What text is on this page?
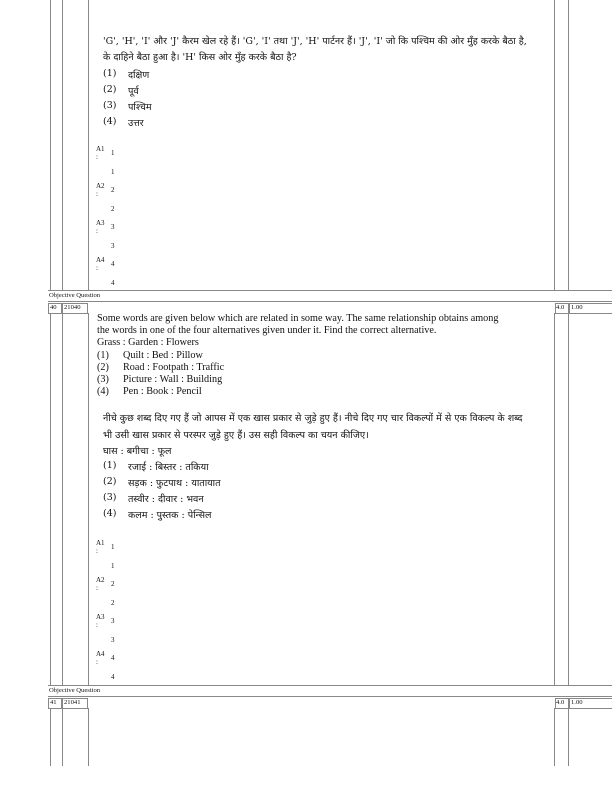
'G', 'H', 'I' और 'J' कैरम खेल रहे हैं। 'G', 'I' तथा 'J', 'H' पार्टनर हैं। 'J', 'I' जो कि पश्चिम की ओर मुँह करके बैठा है,
के दाहिने बैठा हुआ है। 'H' किस ओर मुँह करके बैठा है?
(1) दक्षिण
(2) पूर्व
(3) पश्चिम
(4) उत्तर
A1
: 1
1
A2
: 2
2
A3
: 3
3
A4
: 4
4
Objective Question
40 21040	4.0 1.00
Some words are given below which are related in some way. The same relationship obtains among
the words in one of the four alternatives given under it. Find the correct alternative.
Grass : Garden : Flowers
(1) Quilt : Bed : Pillow
(2) Road : Footpath : Traffic
(3) Picture : Wall : Building
(4) Pen : Book : Pencil
नीचे कुछ शब्द दिए गए हैं जो आपस में एक खास प्रकार से जुड़े हुए हैं। नीचे दिए गए चार विकल्पों में से एक विकल्प के शब्द
भी उसी खास प्रकार से परस्पर जुड़े हुए हैं। उस सही विकल्प का चयन कीजिए।
घास : बगीचा : फूल
(1) रजाई : बिस्तर : तकिया
(2) सड़क : फुटपाथ : यातायात
(3) तस्वीर : दीवार : भवन
(4) कलम : पुस्तक : पेन्सिल
A1
: 1
1
A2
: 2
2
A3
: 3
3
A4
: 4
4
Objective Question
41 21041	4.0 1.00
